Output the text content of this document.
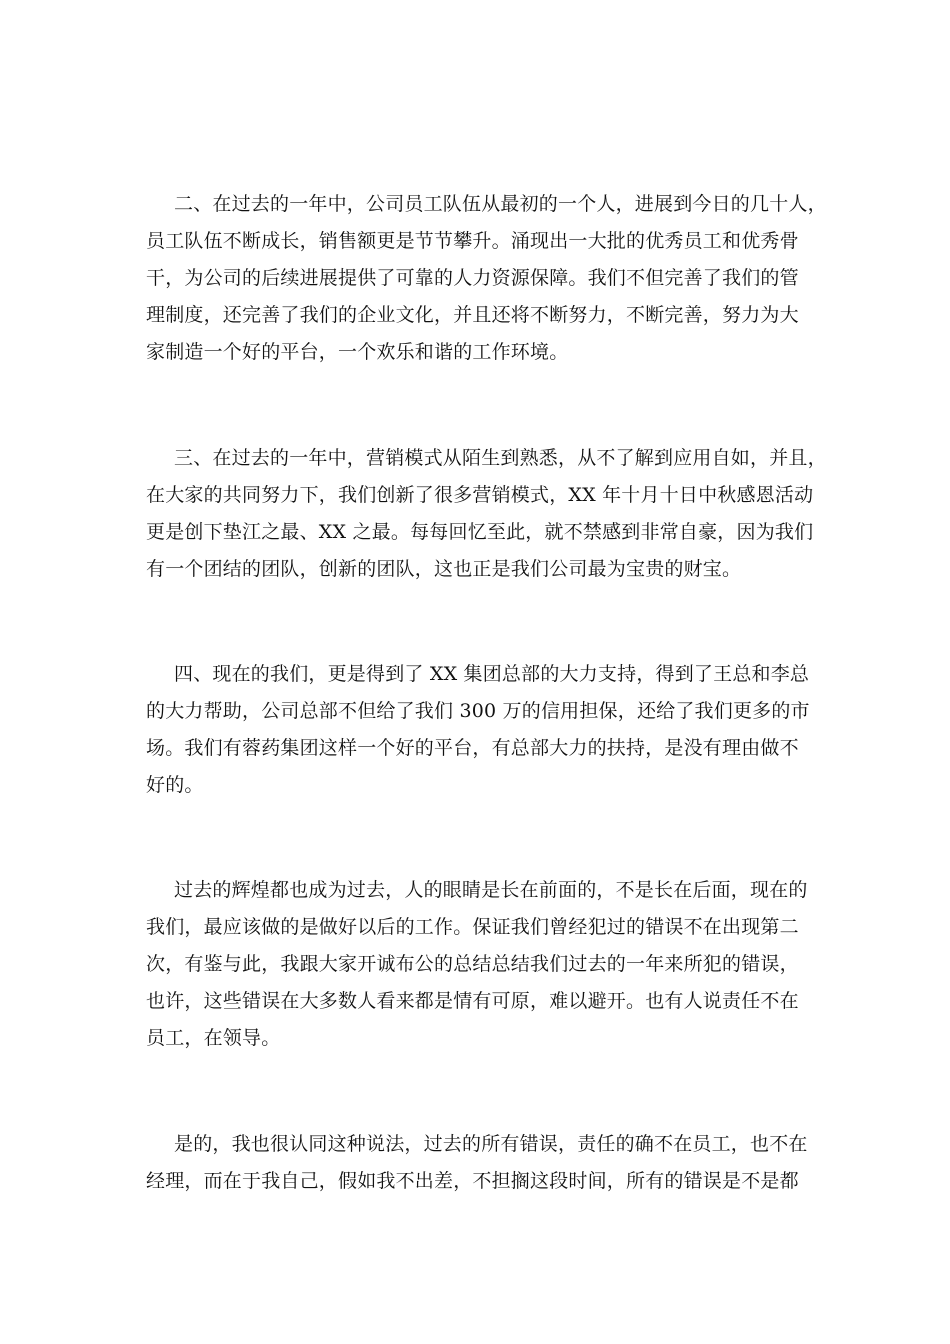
二、在过去的一年中，公司员工队伍从最初的一个人，进展到今日的几十人，
员工队伍不断成长，销售额更是节节攀升。涌现出一大批的优秀员工和优秀骨
干，为公司的后续进展提供了可靠的人力资源保障。我们不但完善了我们的管
理制度，还完善了我们的企业文化，并且还将不断努力，不断完善，努力为大
家制造一个好的平台，一个欢乐和谐的工作环境。
三、在过去的一年中，营销模式从陌生到熟悉，从不了解到应用自如，并且，
在大家的共同努力下，我们创新了很多营销模式，XX 年十月十日中秋感恩活动
更是创下垫江之最、XX 之最。每每回忆至此，就不禁感到非常自豪，因为我们
有一个团结的团队，创新的团队，这也正是我们公司最为宝贵的财宝。
四、现在的我们，更是得到了 XX 集团总部的大力支持，得到了王总和李总
的大力帮助，公司总部不但给了我们 300 万的信用担保，还给了我们更多的市
场。我们有蓉药集团这样一个好的平台，有总部大力的扶持，是没有理由做不
好的。
过去的辉煌都也成为过去，人的眼睛是长在前面的，不是长在后面，现在的
我们，最应该做的是做好以后的工作。保证我们曾经犯过的错误不在出现第二
次，有鉴与此，我跟大家开诚布公的总结总结我们过去的一年来所犯的错误，
也许，这些错误在大多数人看来都是情有可原，难以避开。也有人说责任不在
员工，在领导。
是的，我也很认同这种说法，过去的所有错误，责任的确不在员工，也不在
经理，而在于我自己，假如我不出差，不担搁这段时间，所有的错误是不是都
